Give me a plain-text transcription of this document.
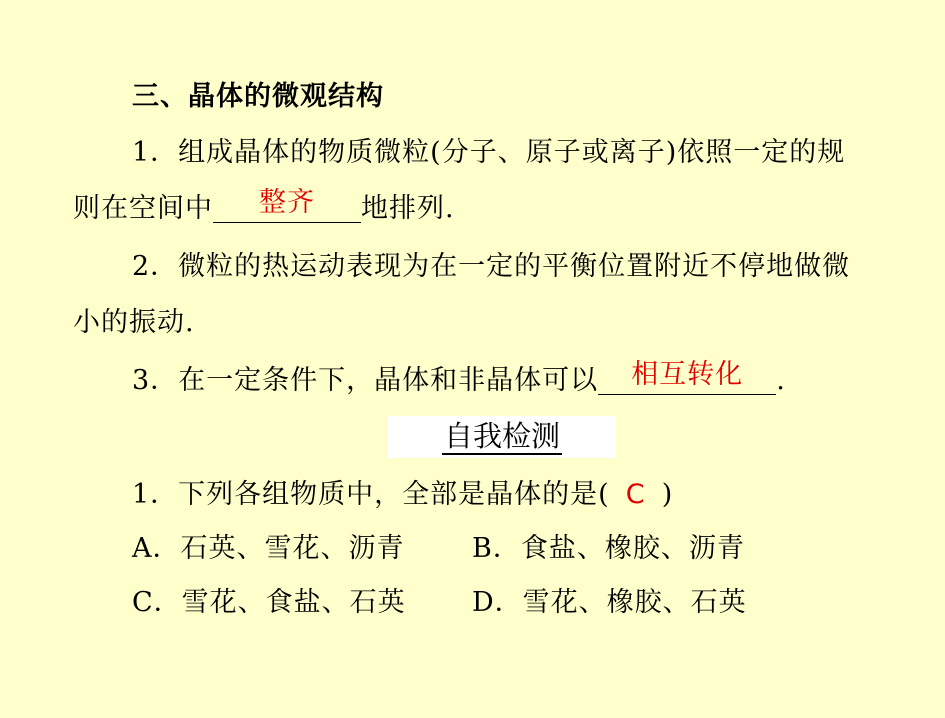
三、晶体的微观结构
1．组成晶体的物质微粒(分子、原子或离子)依照一定的规
则在空间中 整齐 地排列.
2．微粒的热运动表现为在一定的平衡位置附近不停地做微
小的振动.
3．在一定条件下，晶体和非晶体可以 相互转化 .
自我检测
1．下列各组物质中，全部是晶体的是( C )
A．石英、雪花、沥青	B．食盐、橡胶、沥青
C．雪花、食盐、石英 D．雪花、橡胶、石英
